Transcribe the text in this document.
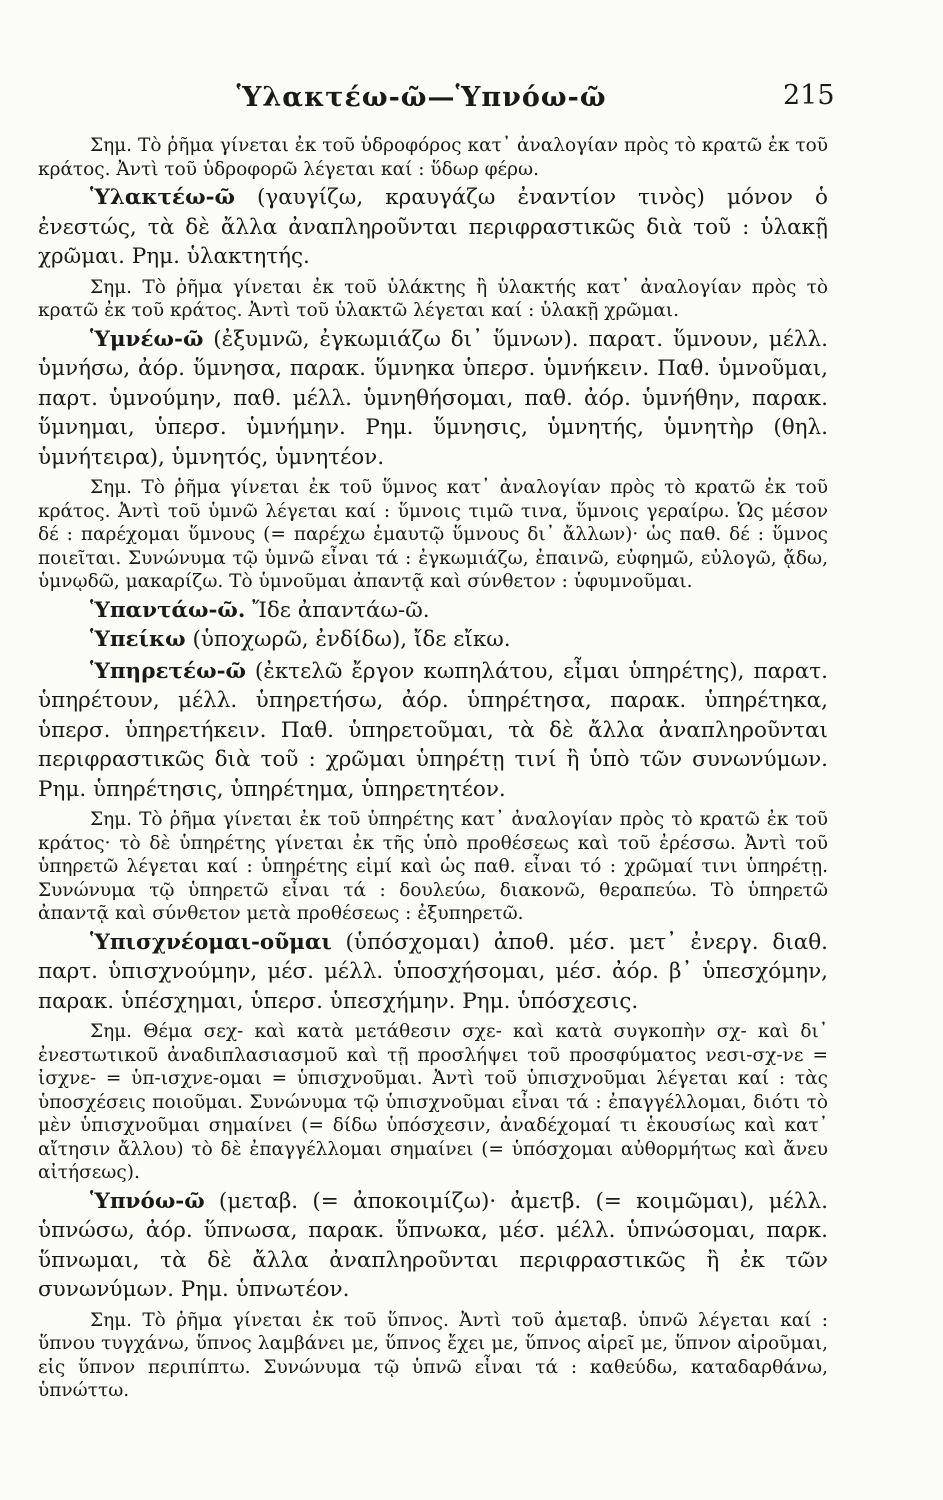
Ὑλακτέω-ῶ—Ὑπνόω-ῶ	215

Σημ. Τὸ ῥῆμα γίνεται ἐκ τοῦ ὑδροφόρος κατ᾽ ἀναλογίαν πρὸς τὸ κρατῶ ἐκ τοῦ κράτος. Ἀντὶ τοῦ ὑδροφορῶ λέγεται καί : ὕδωρ φέρω.

Ὑλακτέω-ῶ (γαυγίζω, κραυγάζω ἐναντίον τινὸς) μόνον ὁ ἐνεστώς, τὰ δὲ ἄλλα ἀναπληροῦνται περιφραστικῶς διὰ τοῦ : ὑλακῇ χρῶμαι. Ρημ. ὑλακτητής.

Σημ. Τὸ ῥῆμα γίνεται ἐκ τοῦ ὑλάκτης ἢ ὑλακτής κατ᾽ ἀναλογίαν πρὸς τὸ κρατῶ ἐκ τοῦ κράτος. Ἀντὶ τοῦ ὑλακτῶ λέγεται καί : ὑλακῇ χρῶμαι.

Ὑμνέω-ῶ (ἐξυμνῶ, ἐγκωμιάζω δι᾽ ὕμνων). παρατ. ὕμνουν, μέλλ. ὑμνήσω, ἀόρ. ὕμνησα, παρακ. ὕμνηκα ὑπερσ. ὑμνήκειν. Παθ. ὑμνοῦμαι, παρτ. ὑμνούμην, παθ. μέλλ. ὑμνηθήσομαι, παθ. ἀόρ. ὑμνήθην, παρακ. ὕμνημαι, ὑπερσ. ὑμνήμην. Ρημ. ὕμνησις, ὑμνητής, ὑμνητὴρ (θηλ. ὑμνήτειρα), ὑμνητός, ὑμνητέον.

Σημ. Τὸ ῥῆμα γίνεται ἐκ τοῦ ὕμνος κατ᾽ ἀναλογίαν πρὸς τὸ κρατῶ ἐκ τοῦ κράτος. Ἀντὶ τοῦ ὑμνῶ λέγεται καί : ὕμνοις τιμῶ τινα, ὕμνοις γεραίρω. Ὡς μέσον δέ : παρέχομαι ὕμνους (= παρέχω ἐμαυτῷ ὕμνους δι᾽ ἄλλων)· ὡς παθ. δέ : ὕμνος ποιεῖται. Συνώνυμα τῷ ὑμνῶ εἶναι τά : ἐγκωμιάζω, ἐπαινῶ, εὐφημῶ, εὐλογῶ, ᾄδω, ὑμνῳδῶ, μακαρίζω. Τὸ ὑμνοῦμαι ἀπαντᾷ καὶ σύνθετον : ὑφυμνοῦμαι.

Ὑπαντάω-ῶ. Ἴδε ἀπαντάω-ῶ.

Ὑπείκω (ὑποχωρῶ, ἐνδίδω), ἴδε εἴκω.

Ὑπηρετέω-ῶ (ἐκτελῶ ἔργον κωπηλάτου, εἶμαι ὑπηρέτης), παρατ. ὑπηρέτουν, μέλλ. ὑπηρετήσω, ἀόρ. ὑπηρέτησα, παρακ. ὑπηρέτηκα, ὑπερσ. ὑπηρετήκειν. Παθ. ὑπηρετοῦμαι, τὰ δὲ ἄλλα ἀναπληροῦνται περιφραστικῶς διὰ τοῦ : χρῶμαι ὑπηρέτῃ τινί ἢ ὑπὸ τῶν συνωνύμων. Ρημ. ὑπηρέτησις, ὑπηρέτημα, ὑπηρετητέον.

Σημ. Τὸ ῥῆμα γίνεται ἐκ τοῦ ὑπηρέτης κατ᾽ ἀναλογίαν πρὸς τὸ κρατῶ ἐκ τοῦ κράτος· τὸ δὲ ὑπηρέτης γίνεται ἐκ τῆς ὑπὸ προθέσεως καὶ τοῦ ἐρέσσω. Ἀντὶ τοῦ ὑπηρετῶ λέγεται καί : ὑπηρέτης εἰμί καὶ ὡς παθ. εἶναι τό : χρῶμαί τινι ὑπηρέτῃ. Συνώνυμα τῷ ὑπηρετῶ εἶναι τά : δουλεύω, διακονῶ, θεραπεύω. Τὸ ὑπηρετῶ ἀπαντᾷ καὶ σύνθετον μετὰ προθέσεως : ἐξυπηρετῶ.

Ὑπισχνέομαι-οῦμαι (ὑπόσχομαι) ἀποθ. μέσ. μετ᾽ ἐνεργ. διαθ. παρτ. ὑπισχνούμην, μέσ. μέλλ. ὑποσχήσομαι, μέσ. ἀόρ. β᾽ ὑπεσχόμην, παρακ. ὑπέσχημαι, ὑπερσ. ὑπεσχήμην. Ρημ. ὑπόσχεσις.

Σημ. Θέμα σεχ- καὶ κατὰ μετάθεσιν σχε- καὶ κατὰ συγκοπὴν σχ- καὶ δι᾽ ἐνεστωτικοῦ ἀναδιπλασιασμοῦ καὶ τῇ προσλήψει τοῦ προσφύματος νεσι-σχ-νε = ἰσχνε- = ὑπ-ισχνε-ομαι = ὑπισχνοῦμαι. Ἀντὶ τοῦ ὑπισχνοῦμαι λέγεται καί : τὰς ὑποσχέσεις ποιοῦμαι. Συνώνυμα τῷ ὑπισχνοῦμαι εἶναι τά : ἐπαγγέλλομαι, διότι τὸ μὲν ὑπισχνοῦμαι σημαίνει (= δίδω ὑπόσχεσιν, ἀναδέχομαί τι ἑκουσίως καὶ κατ᾽ αἴτησιν ἄλλου) τὸ δὲ ἐπαγγέλλομαι σημαίνει (= ὑπόσχομαι αὐθορμήτως καὶ ἄνευ αἰτήσεως).

Ὑπνόω-ῶ (μεταβ. (= ἀποκοιμίζω)· ἀμετβ. (= κοιμῶμαι), μέλλ. ὑπνώσω, ἀόρ. ὕπνωσα, παρακ. ὕπνωκα, μέσ. μέλλ. ὑπνώσομαι, παρκ. ὕπνωμαι, τὰ δὲ ἄλλα ἀναπληροῦνται περιφραστικῶς ἢ ἐκ τῶν συνωνύμων. Ρημ. ὑπνωτέον.

Σημ. Τὸ ῥῆμα γίνεται ἐκ τοῦ ὕπνος. Ἀντὶ τοῦ ἀμεταβ. ὑπνῶ λέγεται καί : ὕπνου τυγχάνω, ὕπνος λαμβάνει με, ὕπνος ἔχει με, ὕπνος αἱρεῖ με, ὕπνον αἱροῦμαι, εἰς ὕπνον περιπίπτω. Συνώνυμα τῷ ὑπνῶ εἶναι τά : καθεύδω, καταδαρθάνω, ὑπνώττω.
